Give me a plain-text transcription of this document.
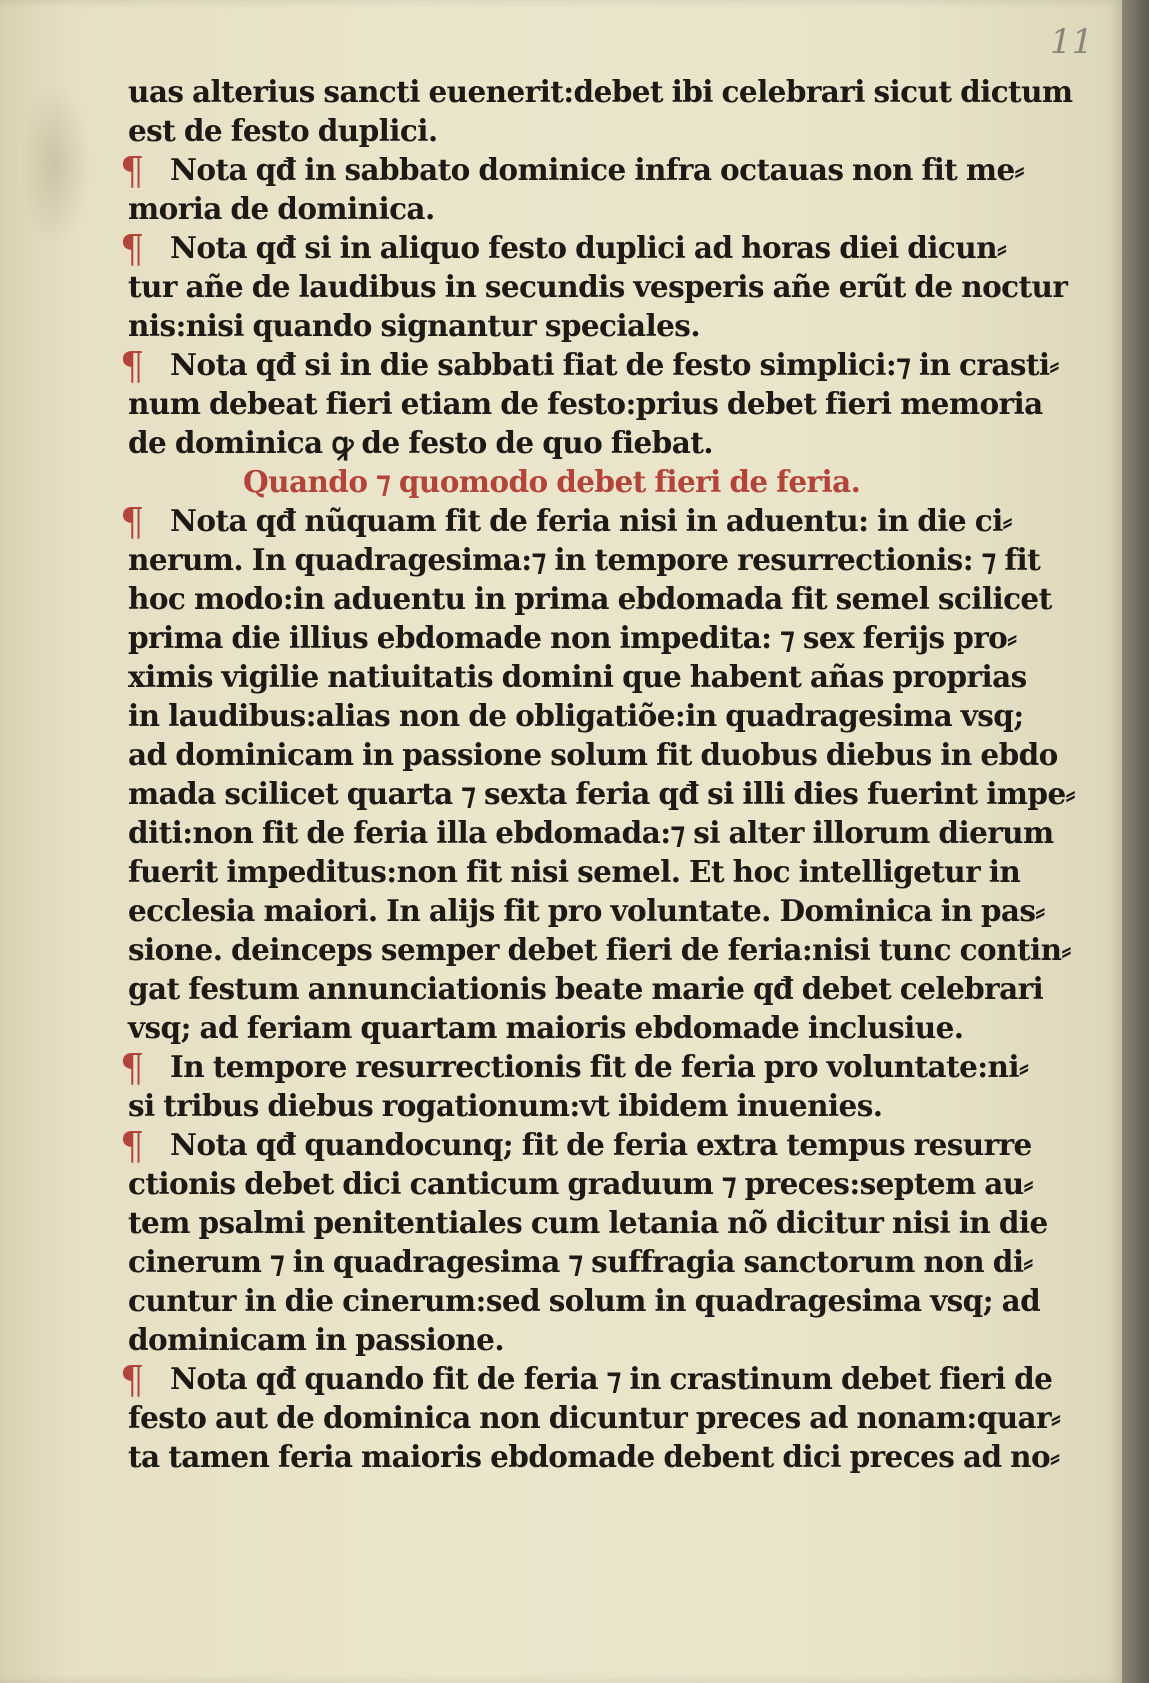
11
uas alterius sancti euenerit:debet ibi celebrari sicut dictum
est de festo duplici.
¶ Nota qđ in sabbato dominice infra octauas non fit me⸗
moria de dominica.
¶ Nota qđ si in aliquo festo duplici ad horas diei dicun⸗
tur añe de laudibus in secundis vesperis añe erũt de noctur
nis:nisi quando signantur speciales.
¶ Nota qđ si in die sabbati fiat de festo simplici:⁊ in crasti⸗
num debeat fieri etiam de festo:prius debet fieri memoria
de dominica ꝙ de festo de quo fiebat.
Quando ⁊ quomodo debet fieri de feria.
¶ Nota qđ nũquam fit de feria nisi in aduentu: in die ci⸗
nerum. In quadragesima:⁊ in tempore resurrectionis: ⁊ fit
hoc modo:in aduentu in prima ebdomada fit semel scilicet
prima die illius ebdomade non impedita: ⁊ sex ferijs pro⸗
ximis vigilie natiuitatis domini que habent añas proprias
in laudibus:alias non de obligatiõe:in quadragesima vsq;
ad dominicam in passione solum fit duobus diebus in ebdo
mada scilicet quarta ⁊ sexta feria qđ si illi dies fuerint impe⸗
diti:non fit de feria illa ebdomada:⁊ si alter illorum dierum
fuerit impeditus:non fit nisi semel. Et hoc intelligetur in
ecclesia maiori. In alijs fit pro voluntate. Dominica in pas⸗
sione. deinceps semper debet fieri de feria:nisi tunc contin⸗
gat festum annunciationis beate marie qđ debet celebrari
vsq; ad feriam quartam maioris ebdomade inclusiue.
¶ In tempore resurrectionis fit de feria pro voluntate:ni⸗
si tribus diebus rogationum:vt ibidem inuenies.
¶ Nota qđ quandocunq; fit de feria extra tempus resurre
ctionis debet dici canticum graduum ⁊ preces:septem au⸗
tem psalmi penitentiales cum letania nõ dicitur nisi in die
cinerum ⁊ in quadragesima ⁊ suffragia sanctorum non di⸗
cuntur in die cinerum:sed solum in quadragesima vsq; ad
dominicam in passione.
¶ Nota qđ quando fit de feria ⁊ in crastinum debet fieri de
festo aut de dominica non dicuntur preces ad nonam:quar⸗
ta tamen feria maioris ebdomade debent dici preces ad no⸗
